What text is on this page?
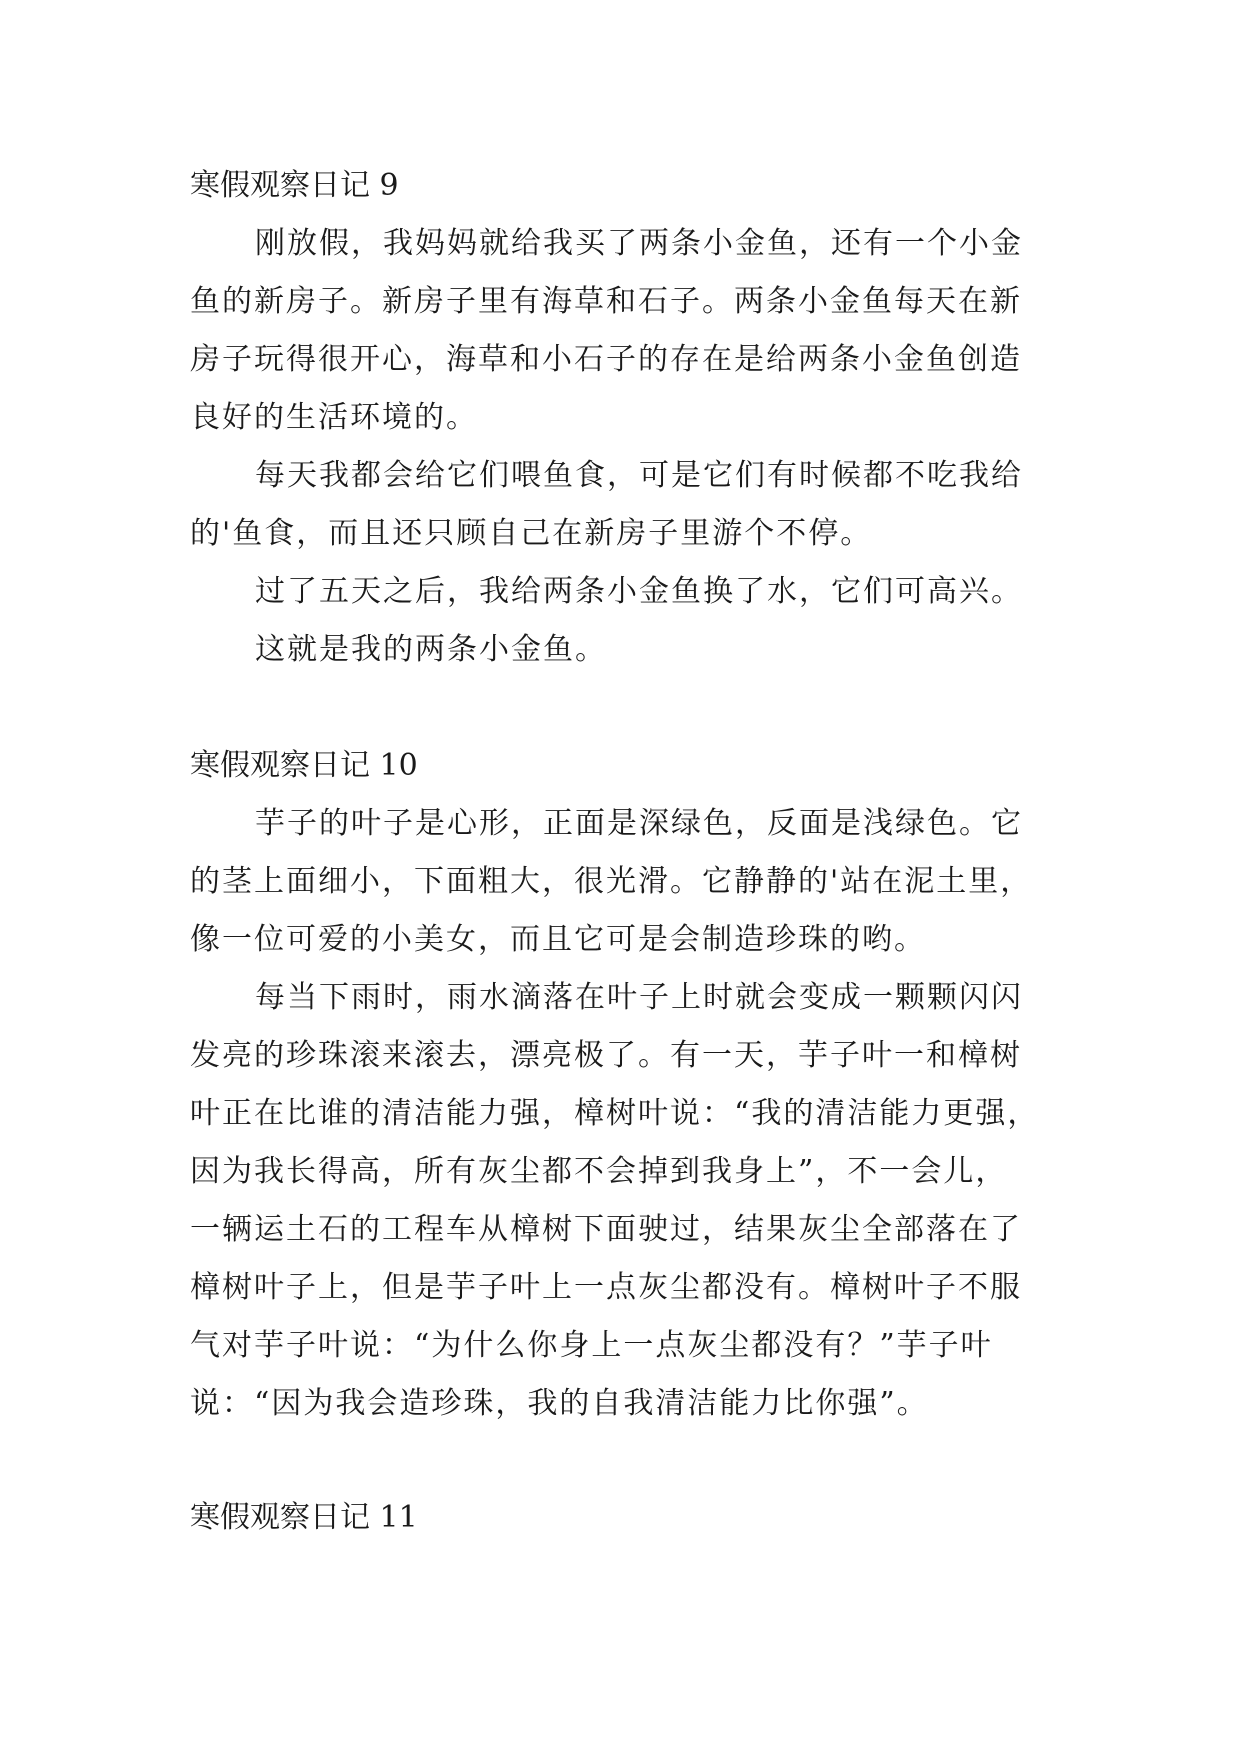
寒假观察日记 9
刚放假，我妈妈就给我买了两条小金鱼，还有一个小金
鱼的新房子。新房子里有海草和石子。两条小金鱼每天在新
房子玩得很开心，海草和小石子的存在是给两条小金鱼创造
良好的生活环境的。
每天我都会给它们喂鱼食，可是它们有时候都不吃我给
的'鱼食，而且还只顾自己在新房子里游个不停。
过了五天之后，我给两条小金鱼换了水，它们可高兴。
这就是我的两条小金鱼。
寒假观察日记 10
芋子的叶子是心形，正面是深绿色，反面是浅绿色。它
的茎上面细小，下面粗大，很光滑。它静静的'站在泥土里，
像一位可爱的小美女，而且它可是会制造珍珠的哟。
每当下雨时，雨水滴落在叶子上时就会变成一颗颗闪闪
发亮的珍珠滚来滚去，漂亮极了。有一天，芋子叶一和樟树
叶正在比谁的清洁能力强，樟树叶说：“我的清洁能力更强，
因为我长得高，所有灰尘都不会掉到我身上”，不一会儿，
一辆运土石的工程车从樟树下面驶过，结果灰尘全部落在了
樟树叶子上，但是芋子叶上一点灰尘都没有。樟树叶子不服
气对芋子叶说：“为什么你身上一点灰尘都没有？”芋子叶
说：“因为我会造珍珠，我的自我清洁能力比你强”。
寒假观察日记 11
